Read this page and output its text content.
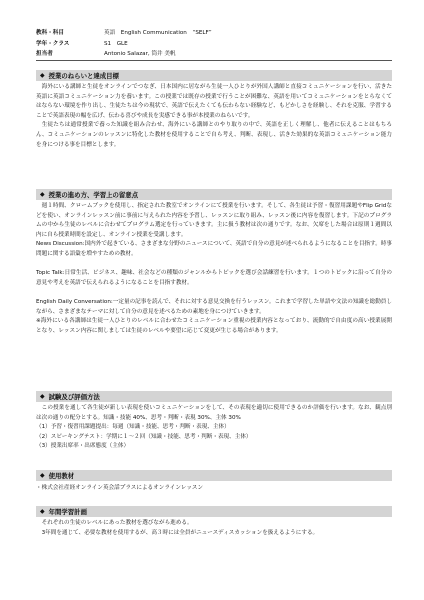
教科・科目	英語　English Communication　“SELF”
学年・クラス	S1　GLE
担当者	Antonio Salazar, 筒井 美帆
◆ 授業のねらいと達成目標

　海外にいる講師と生徒をオンラインでつなぎ、日本国内に居ながら生徒一人ひとりが外国人講師と直接コミュニケーションを行い、活きた英語に英語コミュニケーション力を養います。この授業では既存の授業で行うことが困難な、英語を用いてコミュニケーションをとらなくてはならない環境を作り出し、生徒たちは今の現状で、英語で伝えたくても伝わらない経験など、もどかしさを経験し、それを克服、学習することで英語表現の幅を広げ、伝わる喜びや成長を実感できる事が本授業のねらいです。

　生徒たちは通常授業で養った知識を組み合わせ、海外にいる講師とのやり取りの中で、英語を正しく理解し、他者に伝えることはもちろん、コミュニケーションのレッスンに特化した教材を使用することで自ら考え、判断、表現し、活きた効果的な英語コミュニケーション能力を身につける事を目標とします。

◆ 授業の進め方、学習上の留意点

　週１時間、クロームブックを使用し、指定された教室でオンラインにて授業を行います。そして、各生徒は予習・復習用課題やFlip Gridなどを使い、オンラインレッスン前に事前に与えられた内容を予習し、レッスンに取り組み、レッスン後に内容を復習します。下記のプログラムの中から生徒のレベルに合わせてプログラム選定を行っていきます。主に扱う教材は次の通りです。なお、欠席をした場合は原則１週間以内に自ら授業時間を設定し、オンライン授業を受講します。

News Discussion:国内外で起きている、さまざまな分野のニュースについて、英語で自分の意見が述べられるようになることを目指す。時事問題に関する語彙を増やすための教材。

Topic Talk:日常生活、ビジネス、趣味、社会などの種類のジャンルからトピックを選び会話練習を行います。１つのトピックに沿って自分の意見や考えを英語で伝えられるようになることを目指す教材。

English Daily Conversation:一定量の記事を読んで、それに対する意見交換を行うレッスン。これまで学習した単語や文法の知識を総動員しながら、さまざまなテーマに対して自分の意見を述べるための素地を身につけていきます。

※海外にいる各講師は生徒一人ひとりのレベルに合わせたコミュニケーション重視の授業内容となっており、流動的で自由度の高い授業展開となり、レッスン内容に関しましては生徒のレベルや要望に応じて変更が生じる場合があります。

◆ 試験及び評価方法

　この授業を通して各生徒が新しい表現を使いコミュニケーションをして、その表現を適切に使用できるのか評価を行います。なお、観点別は次の通りの配分とする。知識・技能 40%、思考・判断・表現 30%、主体 30%

（1）予習・復習用課題提出：毎週（知識・技能、思考・判断・表現、主体）

（2）スピーキングテスト：学期に１～２回（知識・技能、思考・判断・表現、主体）

（3）授業出席率・出席態度（主体）

◆ 使用教材

・株式会社産経オンライン英会話プラスによるオンラインレッスン

◆ 年間学習計画

　それぞれの生徒のレベルにあった教材を選びながら進める。

　3年間を通じて、必要な教材を使用するが、高３時には全員がニュースディスカッションを扱えるようにする。
